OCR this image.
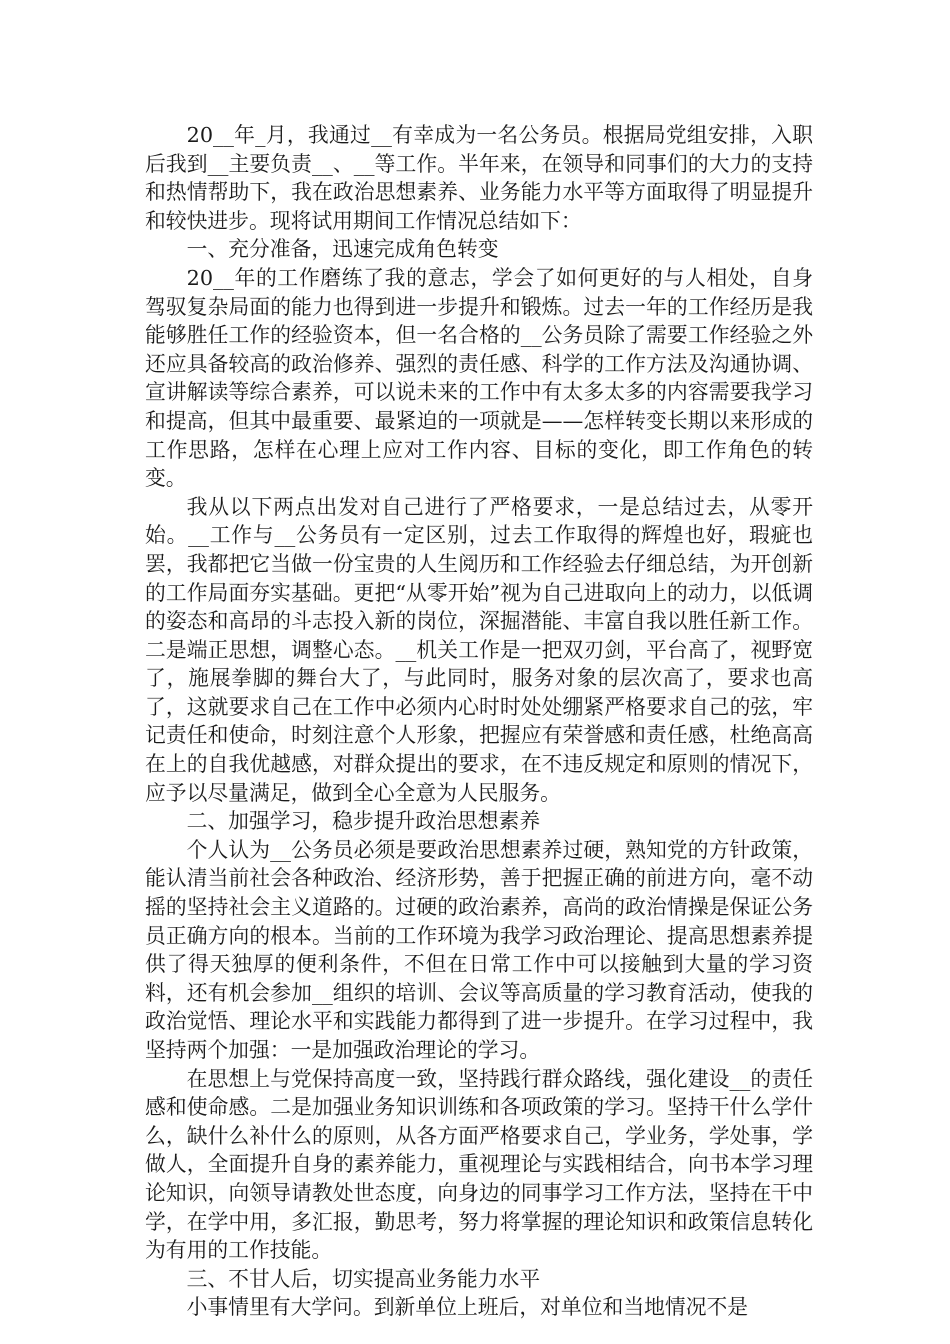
20__年_月，我通过__有幸成为一名公务员。根据局党组安排，入职后我到__主要负责__、__等工作。半年来，在领导和同事们的大力的支持和热情帮助下，我在政治思想素养、业务能力水平等方面取得了明显提升和较快进步。现将试用期间工作情况总结如下：

一、充分准备，迅速完成角色转变

20__年的工作磨练了我的意志，学会了如何更好的与人相处，自身驾驭复杂局面的能力也得到进一步提升和锻炼。过去一年的工作经历是我能够胜任工作的经验资本，但一名合格的__公务员除了需要工作经验之外还应具备较高的政治修养、强烈的责任感、科学的工作方法及沟通协调、宣讲解读等综合素养，可以说未来的工作中有太多太多的内容需要我学习和提高，但其中最重要、最紧迫的一项就是——怎样转变长期以来形成的工作思路，怎样在心理上应对工作内容、目标的变化，即工作角色的转变。

我从以下两点出发对自己进行了严格要求，一是总结过去，从零开始。__工作与__公务员有一定区别，过去工作取得的辉煌也好，瑕疵也罢，我都把它当做一份宝贵的人生阅历和工作经验去仔细总结，为开创新的工作局面夯实基础。更把“从零开始”视为自己进取向上的动力，以低调的姿态和高昂的斗志投入新的岗位，深掘潜能、丰富自我以胜任新工作。二是端正思想，调整心态。__机关工作是一把双刃剑，平台高了，视野宽了，施展拳脚的舞台大了，与此同时，服务对象的层次高了，要求也高了，这就要求自己在工作中必须内心时时处处绷紧严格要求自己的弦，牢记责任和使命，时刻注意个人形象，把握应有荣誉感和责任感，杜绝高高在上的自我优越感，对群众提出的要求，在不违反规定和原则的情况下，应予以尽量满足，做到全心全意为人民服务。

二、加强学习，稳步提升政治思想素养

个人认为__公务员必须是要政治思想素养过硬，熟知党的方针政策，能认清当前社会各种政治、经济形势，善于把握正确的前进方向，毫不动摇的坚持社会主义道路的。过硬的政治素养，高尚的政治情操是保证公务员正确方向的根本。当前的工作环境为我学习政治理论、提高思想素养提供了得天独厚的便利条件，不但在日常工作中可以接触到大量的学习资料，还有机会参加__组织的培训、会议等高质量的学习教育活动，使我的政治觉悟、理论水平和实践能力都得到了进一步提升。在学习过程中，我坚持两个加强：一是加强政治理论的学习。

在思想上与党保持高度一致，坚持践行群众路线，强化建设__的责任感和使命感。二是加强业务知识训练和各项政策的学习。坚持干什么学什么，缺什么补什么的原则，从各方面严格要求自己，学业务，学处事，学做人，全面提升自身的素养能力，重视理论与实践相结合，向书本学习理论知识，向领导请教处世态度，向身边的同事学习工作方法，坚持在干中学，在学中用，多汇报，勤思考，努力将掌握的理论知识和政策信息转化为有用的工作技能。

三、不甘人后，切实提高业务能力水平

小事情里有大学问。到新单位上班后，对单位和当地情况不是
